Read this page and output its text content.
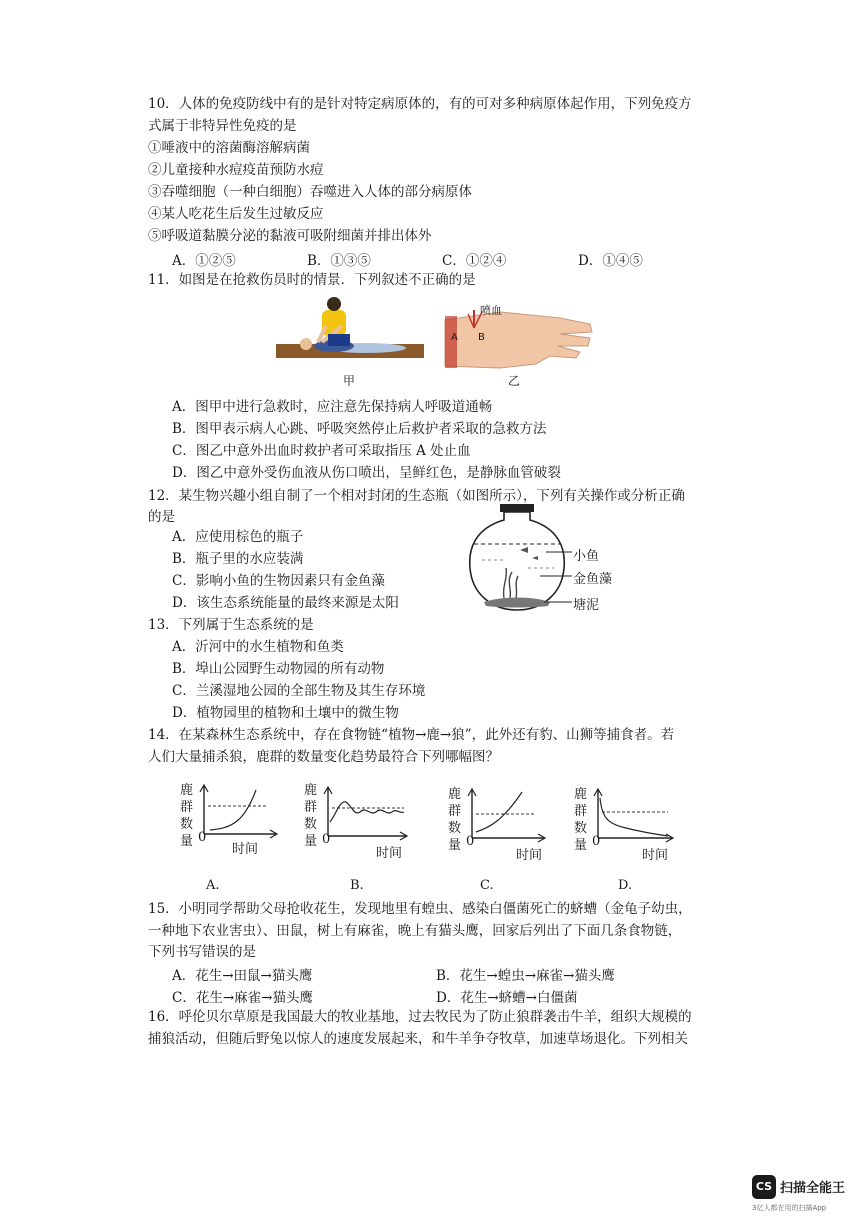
10．人体的免疫防线中有的是针对特定病原体的，有的可对多种病原体起作用，下列免疫方
式属于非特异性免疫的是
①唾液中的溶菌酶溶解病菌
②儿童接种水痘疫苗预防水痘
③吞噬细胞（一种白细胞）吞噬进入人体的部分病原体
④某人吃花生后发生过敏反应
⑤呼吸道黏膜分泌的黏液可吸附细菌并排出体外
A．①②⑤	B．①③⑤	C．①②④	D．①④⑤
11．如图是在抢救伤员时的情景．下列叙述不正确的是
甲
喷血
A B
乙
A．图甲中进行急救时，应注意先保持病人呼吸道通畅
B．图甲表示病人心跳、呼吸突然停止后救护者采取的急救方法
C．图乙中意外出血时救护者可采取指压 A 处止血
D．图乙中意外受伤血液从伤口喷出，呈鲜红色，是静脉血管破裂
12．某生物兴趣小组自制了一个相对封闭的生态瓶（如图所示），下列有关操作或分析正确
的是
A．应使用棕色的瓶子
B．瓶子里的水应装满
C．影响小鱼的生物因素只有金鱼藻
D．该生态系统能量的最终来源是太阳
小鱼
金鱼藻
塘泥
13．下列属于生态系统的是
A．沂河中的水生植物和鱼类
B．埠山公园野生动物园的所有动物
C．兰溪湿地公园的全部生物及其生存环境
D．植物园里的植物和土壤中的微生物
14．在某森林生态系统中，存在食物链“植物→鹿→狼”，此外还有豹、山狮等捕食者。若
人们大量捕杀狼，鹿群的数量变化趋势最符合下列哪幅图？
鹿
群
数
量 0
时间
A.
鹿
群
数
量 0
时间
B.
鹿
群
数
量 0
时间
C.
鹿
群
数
量 0
时间
D.
15．小明同学帮助父母抢收花生，发现地里有蝗虫、感染白僵菌死亡的蛴螬（金龟子幼虫，
一种地下农业害虫）、田鼠，树上有麻雀，晚上有猫头鹰，回家后列出了下面几条食物链，
下列书写错误的是
A．花生→田鼠→猫头鹰	B．花生→蝗虫→麻雀→猫头鹰
C．花生→麻雀→猫头鹰	D．花生→蛴螬→白僵菌
16．呼伦贝尔草原是我国最大的牧业基地，过去牧民为了防止狼群袭击牛羊，组织大规模的
捕狼活动，但随后野兔以惊人的速度发展起来，和牛羊争夺牧草，加速草场退化。下列相关
CS 扫描全能王
3亿人都在用的扫描App
